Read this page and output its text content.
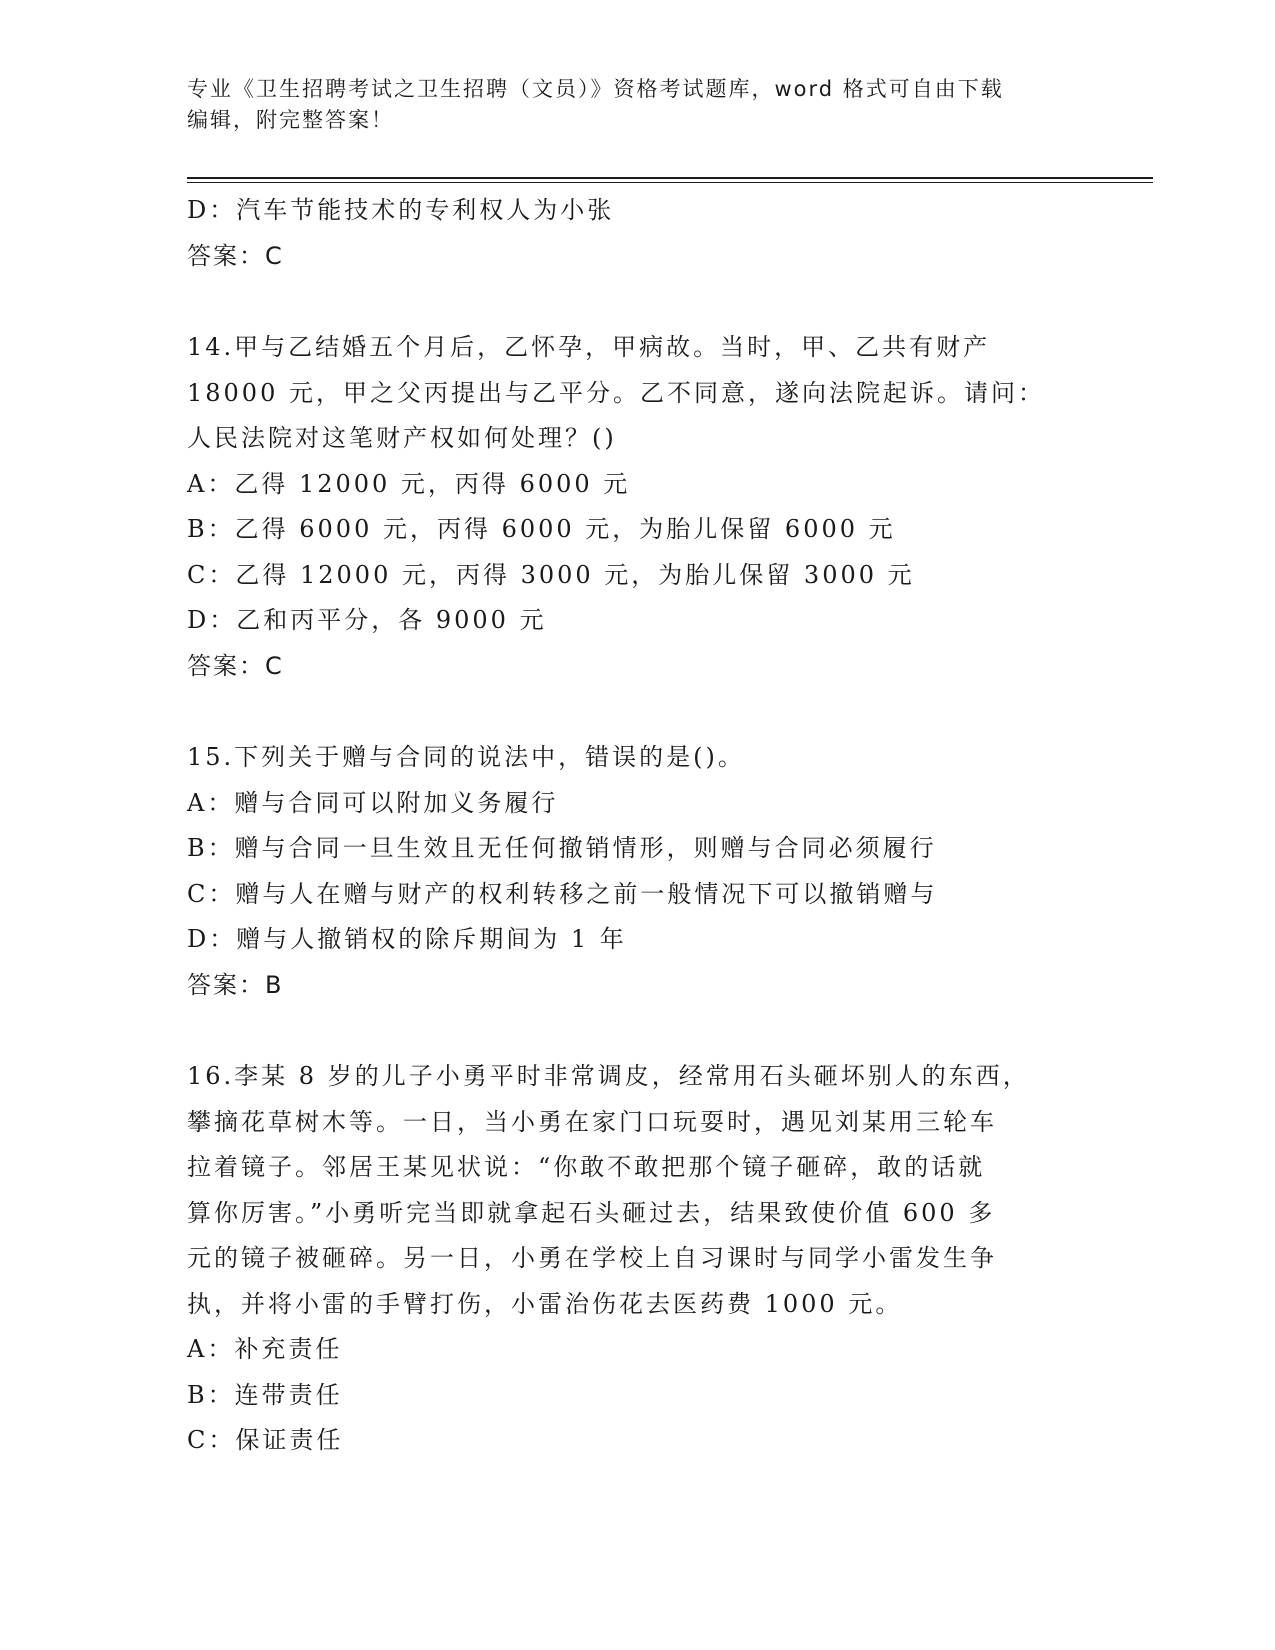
专业《卫生招聘考试之卫生招聘（文员）》资格考试题库，word 格式可自由下载
编辑，附完整答案！
D：汽车节能技术的专利权人为小张
答案：C
14.甲与乙结婚五个月后，乙怀孕，甲病故。当时，甲、乙共有财产
18000 元，甲之父丙提出与乙平分。乙不同意，遂向法院起诉。请问：
人民法院对这笔财产权如何处理？()
A：乙得 12000 元，丙得 6000 元
B：乙得 6000 元，丙得 6000 元，为胎儿保留 6000 元
C：乙得 12000 元，丙得 3000 元，为胎儿保留 3000 元
D：乙和丙平分，各 9000 元
答案：C
15.下列关于赠与合同的说法中，错误的是()。
A：赠与合同可以附加义务履行
B：赠与合同一旦生效且无任何撤销情形，则赠与合同必须履行
C：赠与人在赠与财产的权利转移之前一般情况下可以撤销赠与
D：赠与人撤销权的除斥期间为 1 年
答案：B
16.李某 8 岁的儿子小勇平时非常调皮，经常用石头砸坏别人的东西，
攀摘花草树木等。一日，当小勇在家门口玩耍时，遇见刘某用三轮车
拉着镜子。邻居王某见状说：“你敢不敢把那个镜子砸碎，敢的话就
算你厉害。”小勇听完当即就拿起石头砸过去，结果致使价值 600 多
元的镜子被砸碎。另一日，小勇在学校上自习课时与同学小雷发生争
执，并将小雷的手臂打伤，小雷治伤花去医药费 1000 元。
A：补充责任
B：连带责任
C：保证责任
